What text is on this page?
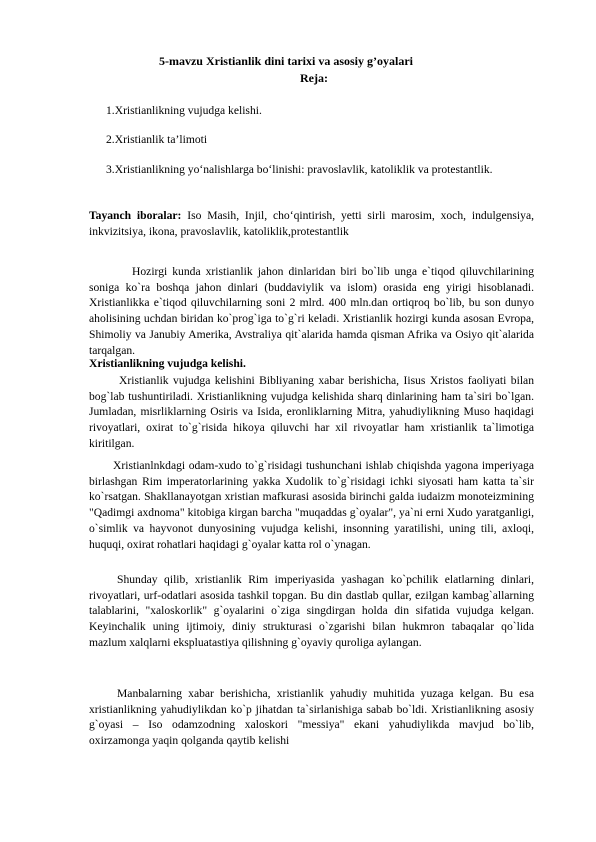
5-mavzu Xristianlik dini tarixi va asosiy g’oyalari
Reja:
1.Xristianlikning vujudga kelishi.
2.Xristianlik ta’limoti
3.Xristianlikning yo‘nalishlarga bo‘linishi: pravoslavlik, katoliklik va protestantlik.

Tayanch iboralar: Iso Masih, Injil, cho‘qintirish, yetti sirli marosim, xoch, indulgensiya, inkvizitsiya, ikona, pravoslavlik, katoliklik,protestantlik

Hozirgi kunda xristianlik jahon dinlaridan biri bo`lib unga e`tiqod qiluvchilarining soniga ko`ra boshqa jahon dinlari (buddaviylik va islom) orasida eng yirigi hisoblanadi. Xristianlikka e`tiqod qiluvchilarning soni 2 mlrd. 400 mln.dan ortiqroq bo`lib, bu son dunyo aholisining uchdan biridan ko`prog`iga to`g`ri keladi. Xristianlik hozirgi kunda asosan Evropa, Shimoliy va Janubiy Amerika, Avstraliya qit`alarida hamda qisman Afrika va Osiyo qit`alarida tarqalgan.

Xristianlikning vujudga kelishi.

Xristianlik vujudga kelishini Bibliyaning xabar berishicha, Iisus Xristos faoliyati bilan bog`lab tushuntiriladi. Xristianlikning vujudga kelishida sharq dinlarining ham ta`siri bo`lgan. Jumladan, misrliklarning Osiris va Isida, eronliklarning Mitra, yahudiylikning Muso haqidagi rivoyatlari, oxirat to`g`risida hikoya qiluvchi har xil rivoyatlar ham xristianlik ta`limotiga kiritilgan.

Xristianlnkdagi odam-xudo to`g`risidagi tushunchani ishlab chiqishda yagona imperiyaga birlashgan Rim imperatorlarining yakka Xudolik to`g`risidagi ichki siyosati ham katta ta`sir ko`rsatgan. Shakllanayotgan xristian mafkurasi asosida birinchi galda iudaizm monoteizmining "Qadimgi axdnoma" kitobiga kirgan barcha "muqaddas g`oyalar", ya`ni erni Xudo yaratganligi, o`simlik va hayvonot dunyosining vujudga kelishi, insonning yaratilishi, uning tili, axloqi, huquqi, oxirat rohatlari haqidagi g`oyalar katta rol o`ynagan.

Shunday qilib, xristianlik Rim imperiyasida yashagan ko`pchilik elatlarning dinlari, rivoyatlari, urf-odatlari asosida tashkil topgan. Bu din dastlab qullar, ezilgan kambag`allarning talablarini, "xaloskorlik" g`oyalarini o`ziga singdirgan holda din sifatida vujudga kelgan. Keyinchalik uning ijtimoiy, diniy strukturasi o`zgarishi bilan hukmron tabaqalar qo`lida mazlum xalqlarni ekspluatastiya qilishning g`oyaviy quroliga aylangan.

Manbalarning xabar berishicha, xristianlik yahudiy muhitida yuzaga kelgan. Bu esa xristianlikning yahudiylikdan ko`p jihatdan ta`sirlanishiga sabab bo`ldi. Xristianlikning asosiy g`oyasi – Iso odamzodning xaloskori "messiya" ekani yahudiylikda mavjud bo`lib, oxirzamonga yaqin qolganda qaytib kelishi
